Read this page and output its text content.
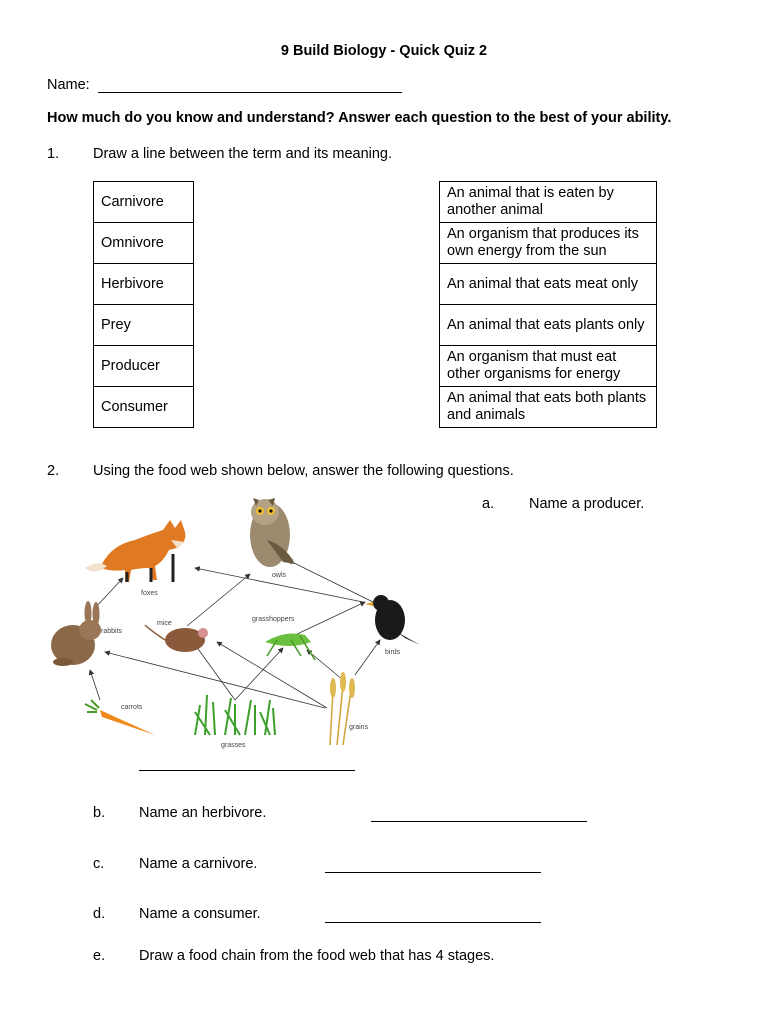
9 Build Biology - Quick Quiz 2
Name:
How much do you know and understand? Answer each question to the best of your ability.
1. Draw a line between the term and its meaning.
Carnivore
Omnivore
Herbivore
Prey
Producer
Consumer
An animal that is eaten by another animal
An organism that produces its own energy from the sun
An animal that eats meat only
An animal that eats plants only
An organism that must eat other organisms for energy
An animal that eats both plants and animals
2. Using the food web shown below, answer the following questions.
foxes
owls
rabbits
mice
grasshoppers
birds
carrots
grasses
grains
a. Name a producer.
b. Name an herbivore.
c. Name a carnivore.
d. Name a consumer.
e. Draw a food chain from the food web that has 4 stages.
